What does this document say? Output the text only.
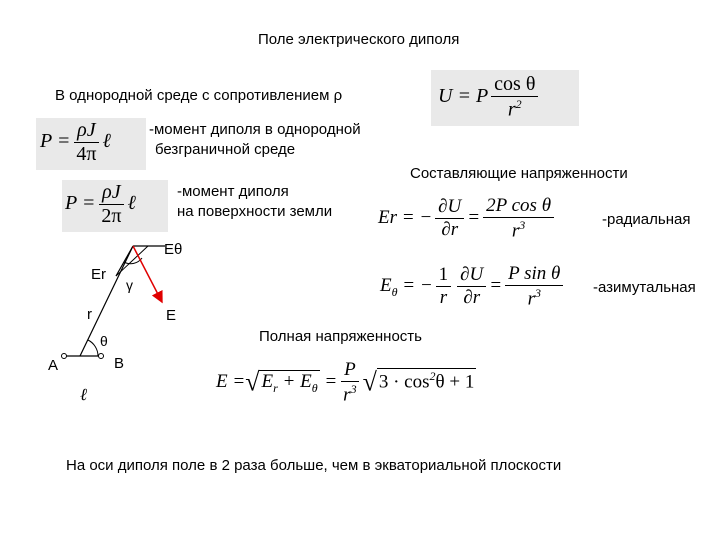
Поле электрического диполя
В однородной среде с сопротивлением ρ
-момент диполя в однородной
безграничной среде
-момент диполя
на поверхности земли
Составляющие напряженности
-радиальная
-азимутальная
Полная напряженность
На оси диполя поле в 2 раза больше, чем в экваториальной плоскости
U = P $\frac{\text{cos θ}}{r^2}$
$P = \frac{\rho J}{4\pi}$ ℓ
$P = \frac{\rho J}{2\pi}$ ℓ
Er = − $\frac{\partial U}{\partial r} = \frac{\text{2P cos θ}}{r^3}$
$E_\theta$ = − $\frac{1}{r} \frac{\partial U}{\partial r} = \frac{\text{P sin θ}}{r^3}$
E =√ $E_r + E_\theta = \frac{P}{r^3}$ √ $3 \cdot \cos^2\theta + 1$
Eθ
Er
γ
r	E
θ
A	B
ℓ
